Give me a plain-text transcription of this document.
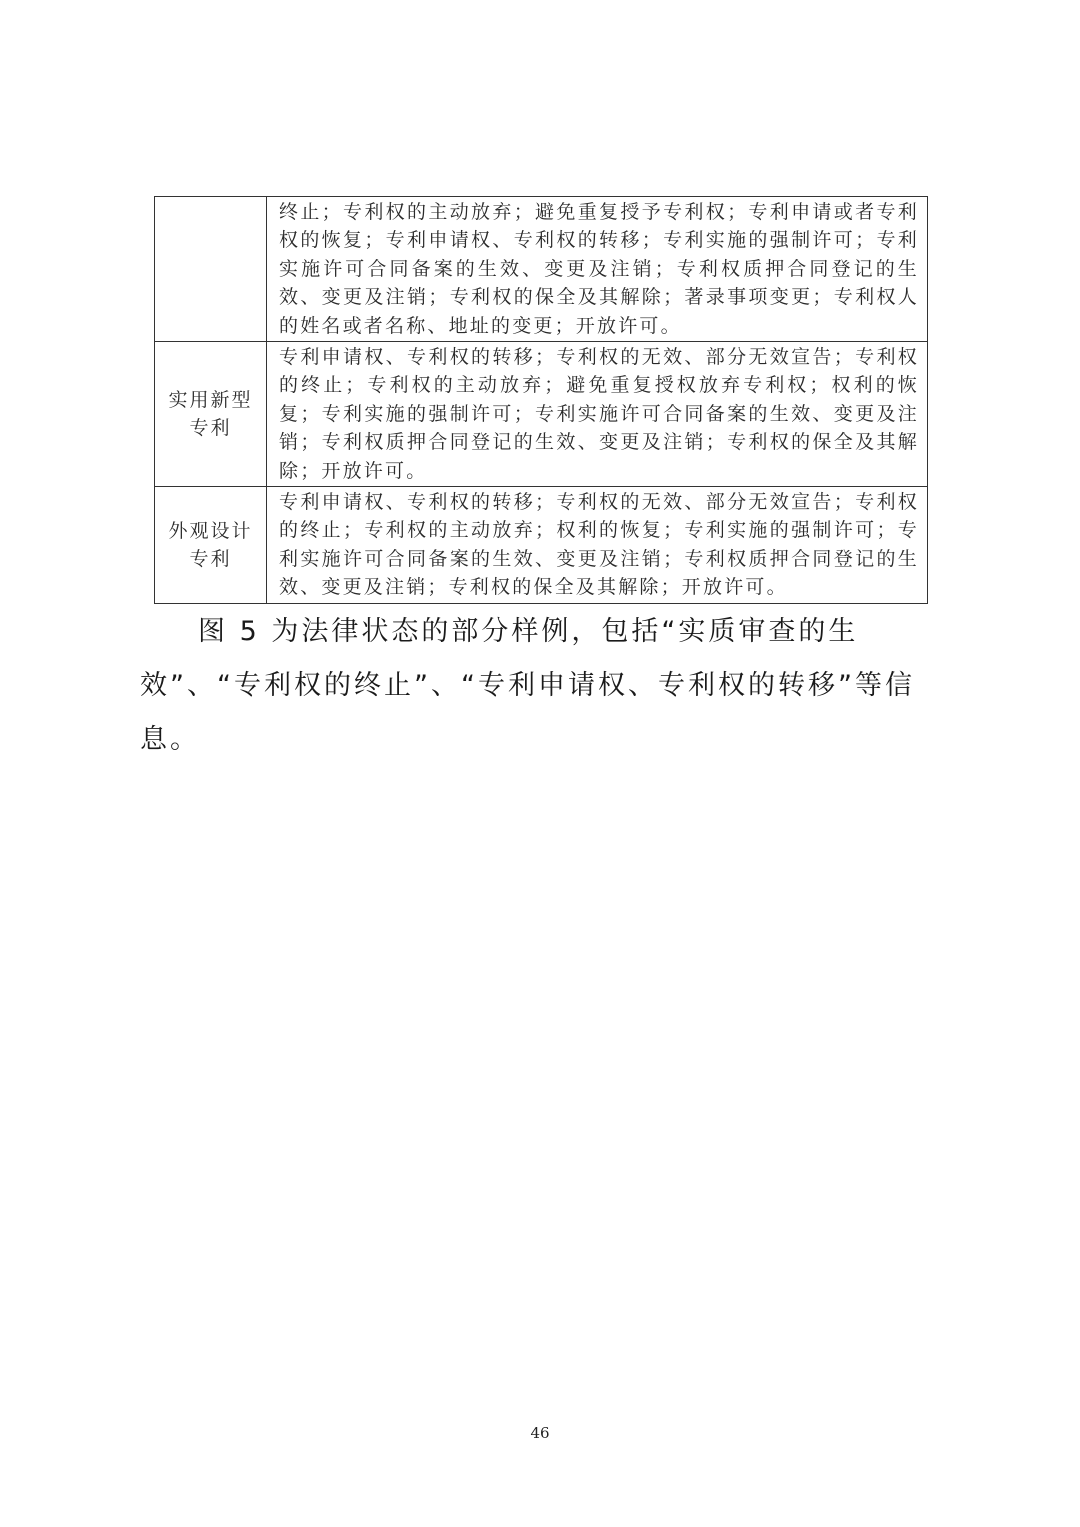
	终止；专利权的主动放弃；避免重复授予专利权；专利申请或者专利权的恢复；专利申请权、专利权的转移；专利实施的强制许可；专利实施许可合同备案的生效、变更及注销；专利权质押合同登记的生效、变更及注销；专利权的保全及其解除；著录事项变更；专利权人的姓名或者名称、地址的变更；开放许可。
实用新型专利	专利申请权、专利权的转移；专利权的无效、部分无效宣告；专利权的终止；专利权的主动放弃；避免重复授权放弃专利权；权利的恢复；专利实施的强制许可；专利实施许可合同备案的生效、变更及注销；专利权质押合同登记的生效、变更及注销；专利权的保全及其解除；开放许可。
外观设计专利	专利申请权、专利权的转移；专利权的无效、部分无效宣告；专利权的终止；专利权的主动放弃；权利的恢复；专利实施的强制许可；专利实施许可合同备案的生效、变更及注销；专利权质押合同登记的生效、变更及注销；专利权的保全及其解除；开放许可。

图 5 为法律状态的部分样例，包括“实质审查的生效”、“专利权的终止”、“专利申请权、专利权的转移”等信息。

46
